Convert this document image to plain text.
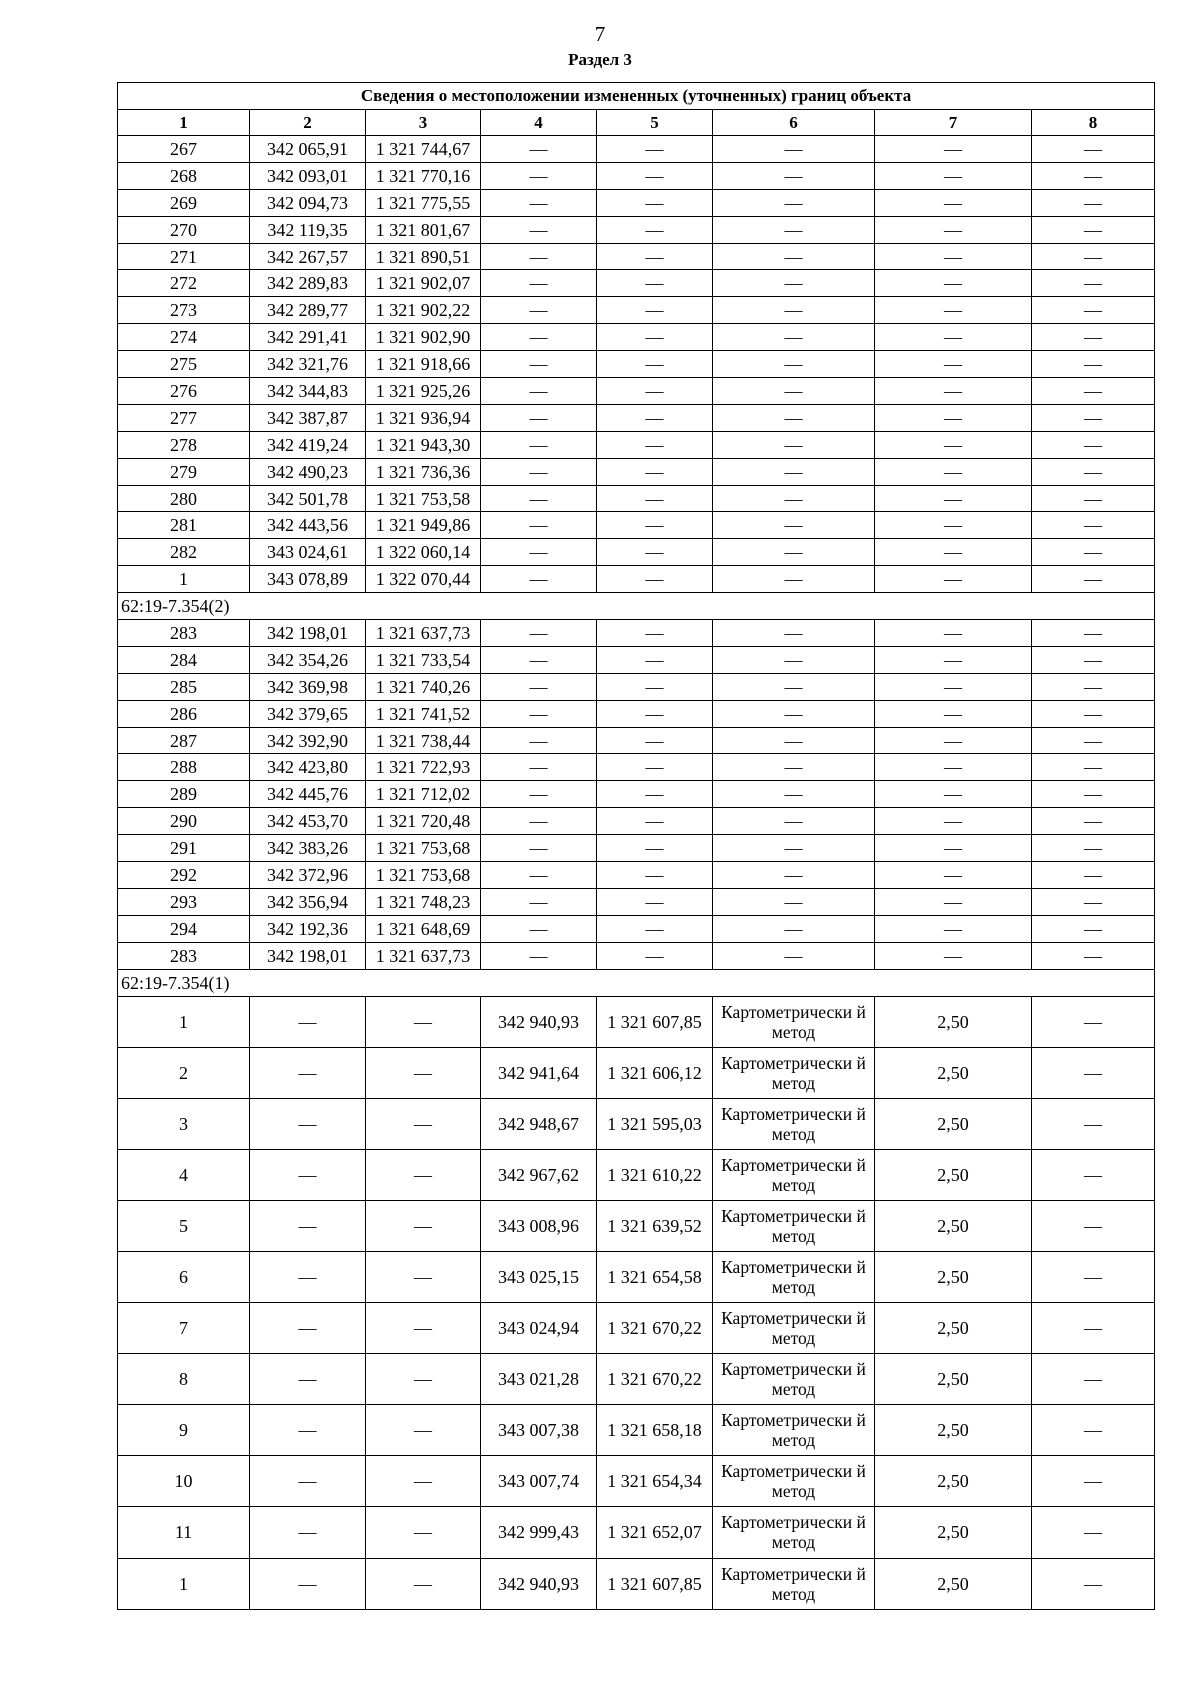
7
Раздел 3
Сведения о местоположении измененных (уточненных) границ объекта							
1	2	3	4	5	6	7	8
267	342 065,91	1 321 744,67	—	—	—	—	—
268	342 093,01	1 321 770,16	—	—	—	—	—
269	342 094,73	1 321 775,55	—	—	—	—	—
270	342 119,35	1 321 801,67	—	—	—	—	—
271	342 267,57	1 321 890,51	—	—	—	—	—
272	342 289,83	1 321 902,07	—	—	—	—	—
273	342 289,77	1 321 902,22	—	—	—	—	—
274	342 291,41	1 321 902,90	—	—	—	—	—
275	342 321,76	1 321 918,66	—	—	—	—	—
276	342 344,83	1 321 925,26	—	—	—	—	—
277	342 387,87	1 321 936,94	—	—	—	—	—
278	342 419,24	1 321 943,30	—	—	—	—	—
279	342 490,23	1 321 736,36	—	—	—	—	—
280	342 501,78	1 321 753,58	—	—	—	—	—
281	342 443,56	1 321 949,86	—	—	—	—	—
282	343 024,61	1 322 060,14	—	—	—	—	—
1	343 078,89	1 322 070,44	—	—	—	—	—
62:19-7.354(2)							
283	342 198,01	1 321 637,73	—	—	—	—	—
284	342 354,26	1 321 733,54	—	—	—	—	—
285	342 369,98	1 321 740,26	—	—	—	—	—
286	342 379,65	1 321 741,52	—	—	—	—	—
287	342 392,90	1 321 738,44	—	—	—	—	—
288	342 423,80	1 321 722,93	—	—	—	—	—
289	342 445,76	1 321 712,02	—	—	—	—	—
290	342 453,70	1 321 720,48	—	—	—	—	—
291	342 383,26	1 321 753,68	—	—	—	—	—
292	342 372,96	1 321 753,68	—	—	—	—	—
293	342 356,94	1 321 748,23	—	—	—	—	—
294	342 192,36	1 321 648,69	—	—	—	—	—
283	342 198,01	1 321 637,73	—	—	—	—	—
62:19-7.354(1)							
1	—	—	342 940,93	1 321 607,85	Картометрически й метод	2,50	—
2	—	—	342 941,64	1 321 606,12	Картометрически й метод	2,50	—
3	—	—	342 948,67	1 321 595,03	Картометрически й метод	2,50	—
4	—	—	342 967,62	1 321 610,22	Картометрически й метод	2,50	—
5	—	—	343 008,96	1 321 639,52	Картометрически й метод	2,50	—
6	—	—	343 025,15	1 321 654,58	Картометрически й метод	2,50	—
7	—	—	343 024,94	1 321 670,22	Картометрически й метод	2,50	—
8	—	—	343 021,28	1 321 670,22	Картометрически й метод	2,50	—
9	—	—	343 007,38	1 321 658,18	Картометрически й метод	2,50	—
10	—	—	343 007,74	1 321 654,34	Картометрически й метод	2,50	—
11	—	—	342 999,43	1 321 652,07	Картометрически й метод	2,50	—
1	—	—	342 940,93	1 321 607,85	Картометрически й метод	2,50	—
